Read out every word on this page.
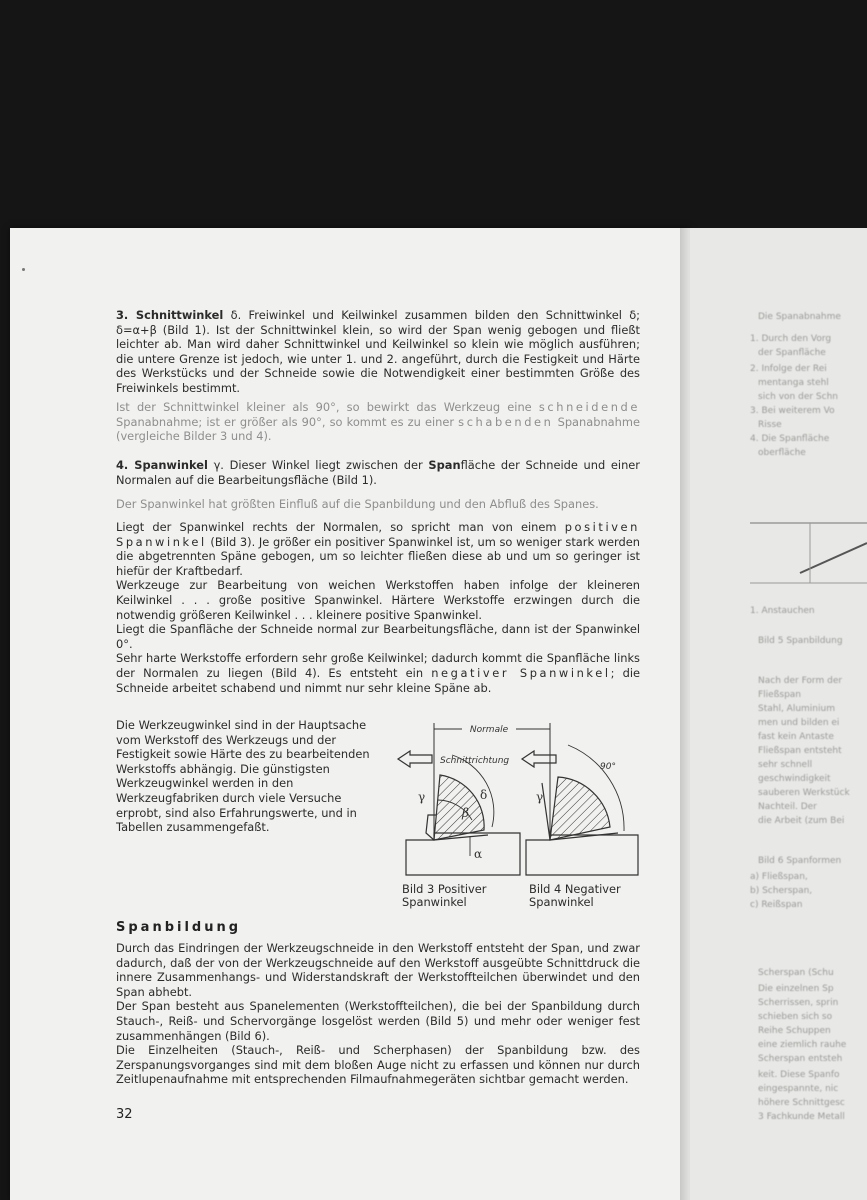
3. Schnittwinkel δ. Freiwinkel und Keilwinkel zusammen bilden den Schnittwinkel δ; δ=α+β (Bild 1). Ist der Schnittwinkel klein, so wird der Span wenig gebogen und fließt leichter ab. Man wird daher Schnittwinkel und Keilwinkel so klein wie möglich ausführen; die untere Grenze ist jedoch, wie unter 1. und 2. angeführt, durch die Festigkeit und Härte des Werkstücks und der Schneide sowie die Notwendigkeit einer bestimmten Größe des Freiwinkels bestimmt.
Ist der Schnittwinkel kleiner als 90°, so bewirkt das Werkzeug eine schneidende Spanabnahme; ist er größer als 90°, so kommt es zu einer schabenden Spanabnahme (vergleiche Bilder 3 und 4).
4. Spanwinkel γ. Dieser Winkel liegt zwischen der Spanfläche der Schneide und einer Normalen auf die Bearbeitungsfläche (Bild 1).
Der Spanwinkel hat größten Einfluß auf die Spanbildung und den Abfluß des Spanes.
Liegt der Spanwinkel rechts der Normalen, so spricht man von einem positiven Spanwinkel (Bild 3). Je größer ein positiver Spanwinkel ist, um so weniger stark werden die abgetrennten Späne gebogen, um so leichter fließen diese ab und um so geringer ist hiefür der Kraftbedarf.
Werkzeuge zur Bearbeitung von weichen Werkstoffen haben infolge der kleineren Keilwinkel . . . große positive Spanwinkel. Härtere Werkstoffe erzwingen durch die notwendig größeren Keilwinkel . . . kleinere positive Spanwinkel.
Liegt die Spanfläche der Schneide normal zur Bearbeitungsfläche, dann ist der Spanwinkel 0°.
Sehr harte Werkstoffe erfordern sehr große Keilwinkel; dadurch kommt die Spanfläche links der Normalen zu liegen (Bild 4). Es entsteht ein negativer Spanwinkel; die Schneide arbeitet schabend und nimmt nur sehr kleine Späne ab.
Die Werkzeugwinkel sind in der Hauptsache vom Werkstoff des Werkzeugs und der Festigkeit sowie Härte des zu bearbeitenden Werkstoffs abhängig. Die günstigsten Werkzeugwinkel werden in den Werkzeugfabriken durch viele Versuche erprobt, sind also Erfahrungswerte, und in Tabellen zusammengefaßt.
Normale
Schnittrichtung
γ	δ
β
α
γ
90°
Bild 3 Positiver
Spanwinkel
Bild 4 Negativer
Spanwinkel
Spanbildung
Durch das Eindringen der Werkzeugschneide in den Werkstoff entsteht der Span, und zwar dadurch, daß der von der Werkzeugschneide auf den Werkstoff ausgeübte Schnittdruck die innere Zusammenhangs- und Widerstandskraft der Werkstoffteilchen überwindet und den Span abhebt.
Der Span besteht aus Spanelementen (Werkstoffteilchen), die bei der Spanbildung durch Stauch-, Reiß- und Schervorgänge losgelöst werden (Bild 5) und mehr oder weniger fest zusammenhängen (Bild 6).
Die Einzelheiten (Stauch-, Reiß- und Scherphasen) der Spanbildung bzw. des Zerspanungsvorganges sind mit dem bloßen Auge nicht zu erfassen und können nur durch Zeitlupenaufnahme mit entsprechenden Filmaufnahmegeräten sichtbar gemacht werden.
32
Die Spanabnahme
1. Durch den Vorg
der Spanfläche
2. Infolge der Rei
mentanga stehl
sich von der Schn
3. Bei weiterem Vo
Risse
4. Die Spanfläche
oberfläche
1. Anstauchen
Bild 5 Spanbildung
Nach der Form der
Fließspan
Stahl, Aluminium
men und bilden ei
fast kein Antaste
Fließspan entsteht
sehr schnell
geschwindigkeit
sauberen Werkstück
Nachteil. Der
die Arbeit (zum Bei
Bild 6 Spanformen
a) Fließspan,
b) Scherspan,
c) Reißspan
Scherspan (Schu
Die einzelnen Sp
Scherrissen, sprin
schieben sich so
Reihe Schuppen
eine ziemlich rauhe
Scherspan entsteh
keit. Diese Spanfo
eingespannte, nic
höhere Schnittgesc
3 Fachkunde Metall
